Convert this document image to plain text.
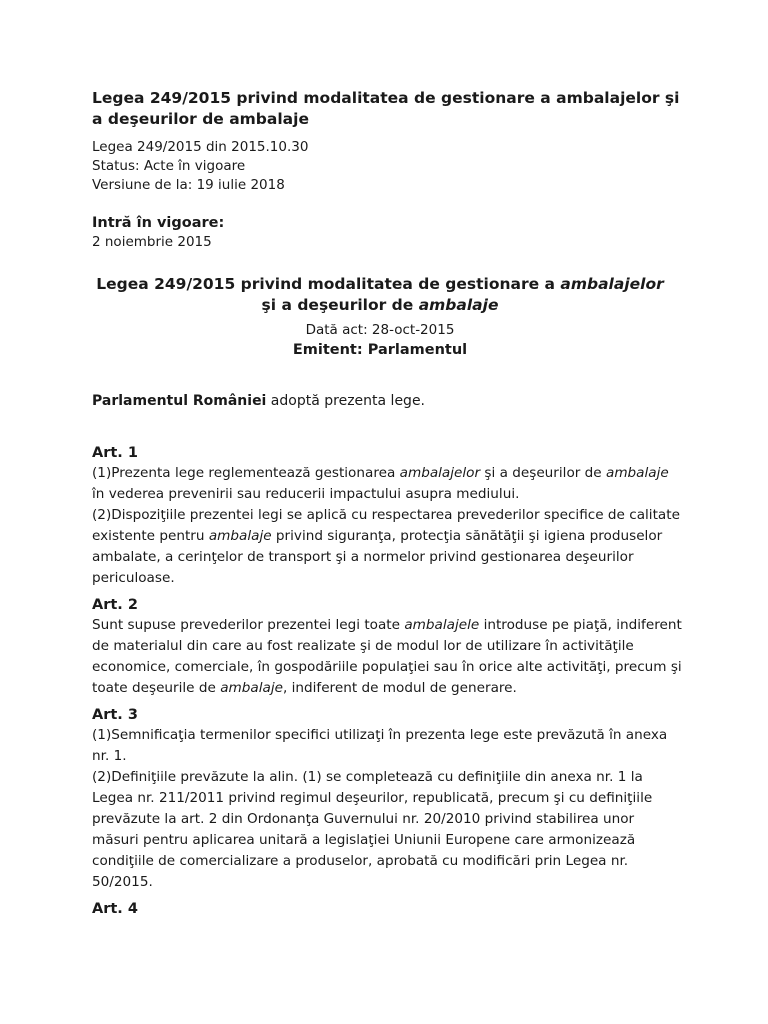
Legea 249/2015 privind modalitatea de gestionare a ambalajelor şi a deşeurilor de ambalaje
Legea 249/2015 din 2015.10.30
Status: Acte în vigoare
Versiune de la: 19 iulie 2018
Intră în vigoare:
2 noiembrie 2015
Legea 249/2015 privind modalitatea de gestionare a ambalajelor şi a deşeurilor de ambalaje
Dată act: 28-oct-2015
Emitent: Parlamentul
Parlamentul României adoptă prezenta lege.
Art. 1
(1)Prezenta lege reglementează gestionarea ambalajelor şi a deşeurilor de ambalaje în vederea prevenirii sau reducerii impactului asupra mediului.
(2)Dispoziţiile prezentei legi se aplică cu respectarea prevederilor specifice de calitate existente pentru ambalaje privind siguranţa, protecţia sănătăţii şi igiena produselor ambalate, a cerinţelor de transport şi a normelor privind gestionarea deşeurilor periculoase.
Art. 2
Sunt supuse prevederilor prezentei legi toate ambalajele introduse pe piaţă, indiferent de materialul din care au fost realizate şi de modul lor de utilizare în activităţile economice, comerciale, în gospodăriile populaţiei sau în orice alte activităţi, precum şi toate deşeurile de ambalaje, indiferent de modul de generare.
Art. 3
(1)Semnificaţia termenilor specifici utilizaţi în prezenta lege este prevăzută în anexa nr. 1.
(2)Definiţiile prevăzute la alin. (1) se completează cu definiţiile din anexa nr. 1 la Legea nr. 211/2011 privind regimul deşeurilor, republicată, precum şi cu definiţiile prevăzute la art. 2 din Ordonanţa Guvernului nr. 20/2010 privind stabilirea unor măsuri pentru aplicarea unitară a legislaţiei Uniunii Europene care armonizează condiţiile de comercializare a produselor, aprobată cu modificări prin Legea nr. 50/2015.
Art. 4
